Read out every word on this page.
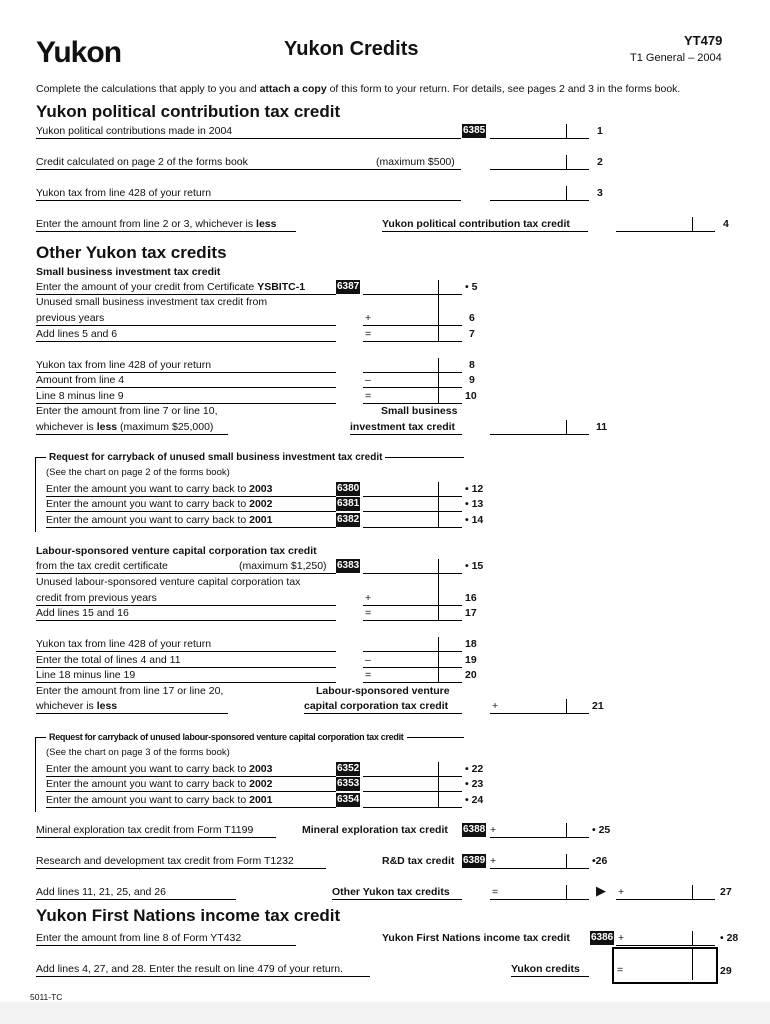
Yukon	Yukon Credits	YT479
T1 General – 2004
Complete the calculations that apply to you and attach a copy of this form to your return. For details, see pages 2 and 3 in the forms book.
Yukon political contribution tax credit
Yukon political contributions made in 2004	6385	1
Credit calculated on page 2 of the forms book	(maximum $500)	2
Yukon tax from line 428 of your return	3
Enter the amount from line 2 or 3, whichever is less	Yukon political contribution tax credit	4
Other Yukon tax credits
Small business investment tax credit
Enter the amount of your credit from Certificate YSBITC-1	6387	• 5
Unused small business investment tax credit from
previous years	+	6
Add lines 5 and 6	=	7
Yukon tax from line 428 of your return	8
Amount from line 4	–	9
Line 8 minus line 9	=	10
Enter the amount from line 7 or line 10,
whichever is less (maximum $25,000)
Small business
investment tax credit	11
Request for carryback of unused small business investment tax credit
(See the chart on page 2 of the forms book)
Enter the amount you want to carry back to 2003	6380	• 12
Enter the amount you want to carry back to 2002	6381	• 13
Enter the amount you want to carry back to 2001	6382	• 14
Labour-sponsored venture capital corporation tax credit
from the tax credit certificate	(maximum $1,250) 6383	• 15
Unused labour-sponsored venture capital corporation tax
credit from previous years	+	16
Add lines 15 and 16	=	17
Yukon tax from line 428 of your return	18
Enter the total of lines 4 and 11	–	19
Line 18 minus line 19	=	20
Enter the amount from line 17 or line 20,
whichever is less
Labour-sponsored venture
capital corporation tax credit	+	21
Request for carryback of unused labour-sponsored venture capital corporation tax credit
(See the chart on page 3 of the forms book)
Enter the amount you want to carry back to 2003	6352	• 22
Enter the amount you want to carry back to 2002	6353	• 23
Enter the amount you want to carry back to 2001	6354	• 24
Mineral exploration tax credit from Form T1199	Mineral exploration tax credit 6388 +	• 25
Research and development tax credit from Form T1232	R&D tax credit 6389 +	•26
Add lines 11, 21, 25, and 26	Other Yukon tax credits	=	▶ +	27
Yukon First Nations income tax credit
Enter the amount from line 8 of Form YT432	Yukon First Nations income tax credit 6386 +	• 28
Add lines 4, 27, and 28. Enter the result on line 479 of your return.	Yukon credits	=	29
5011-TC
